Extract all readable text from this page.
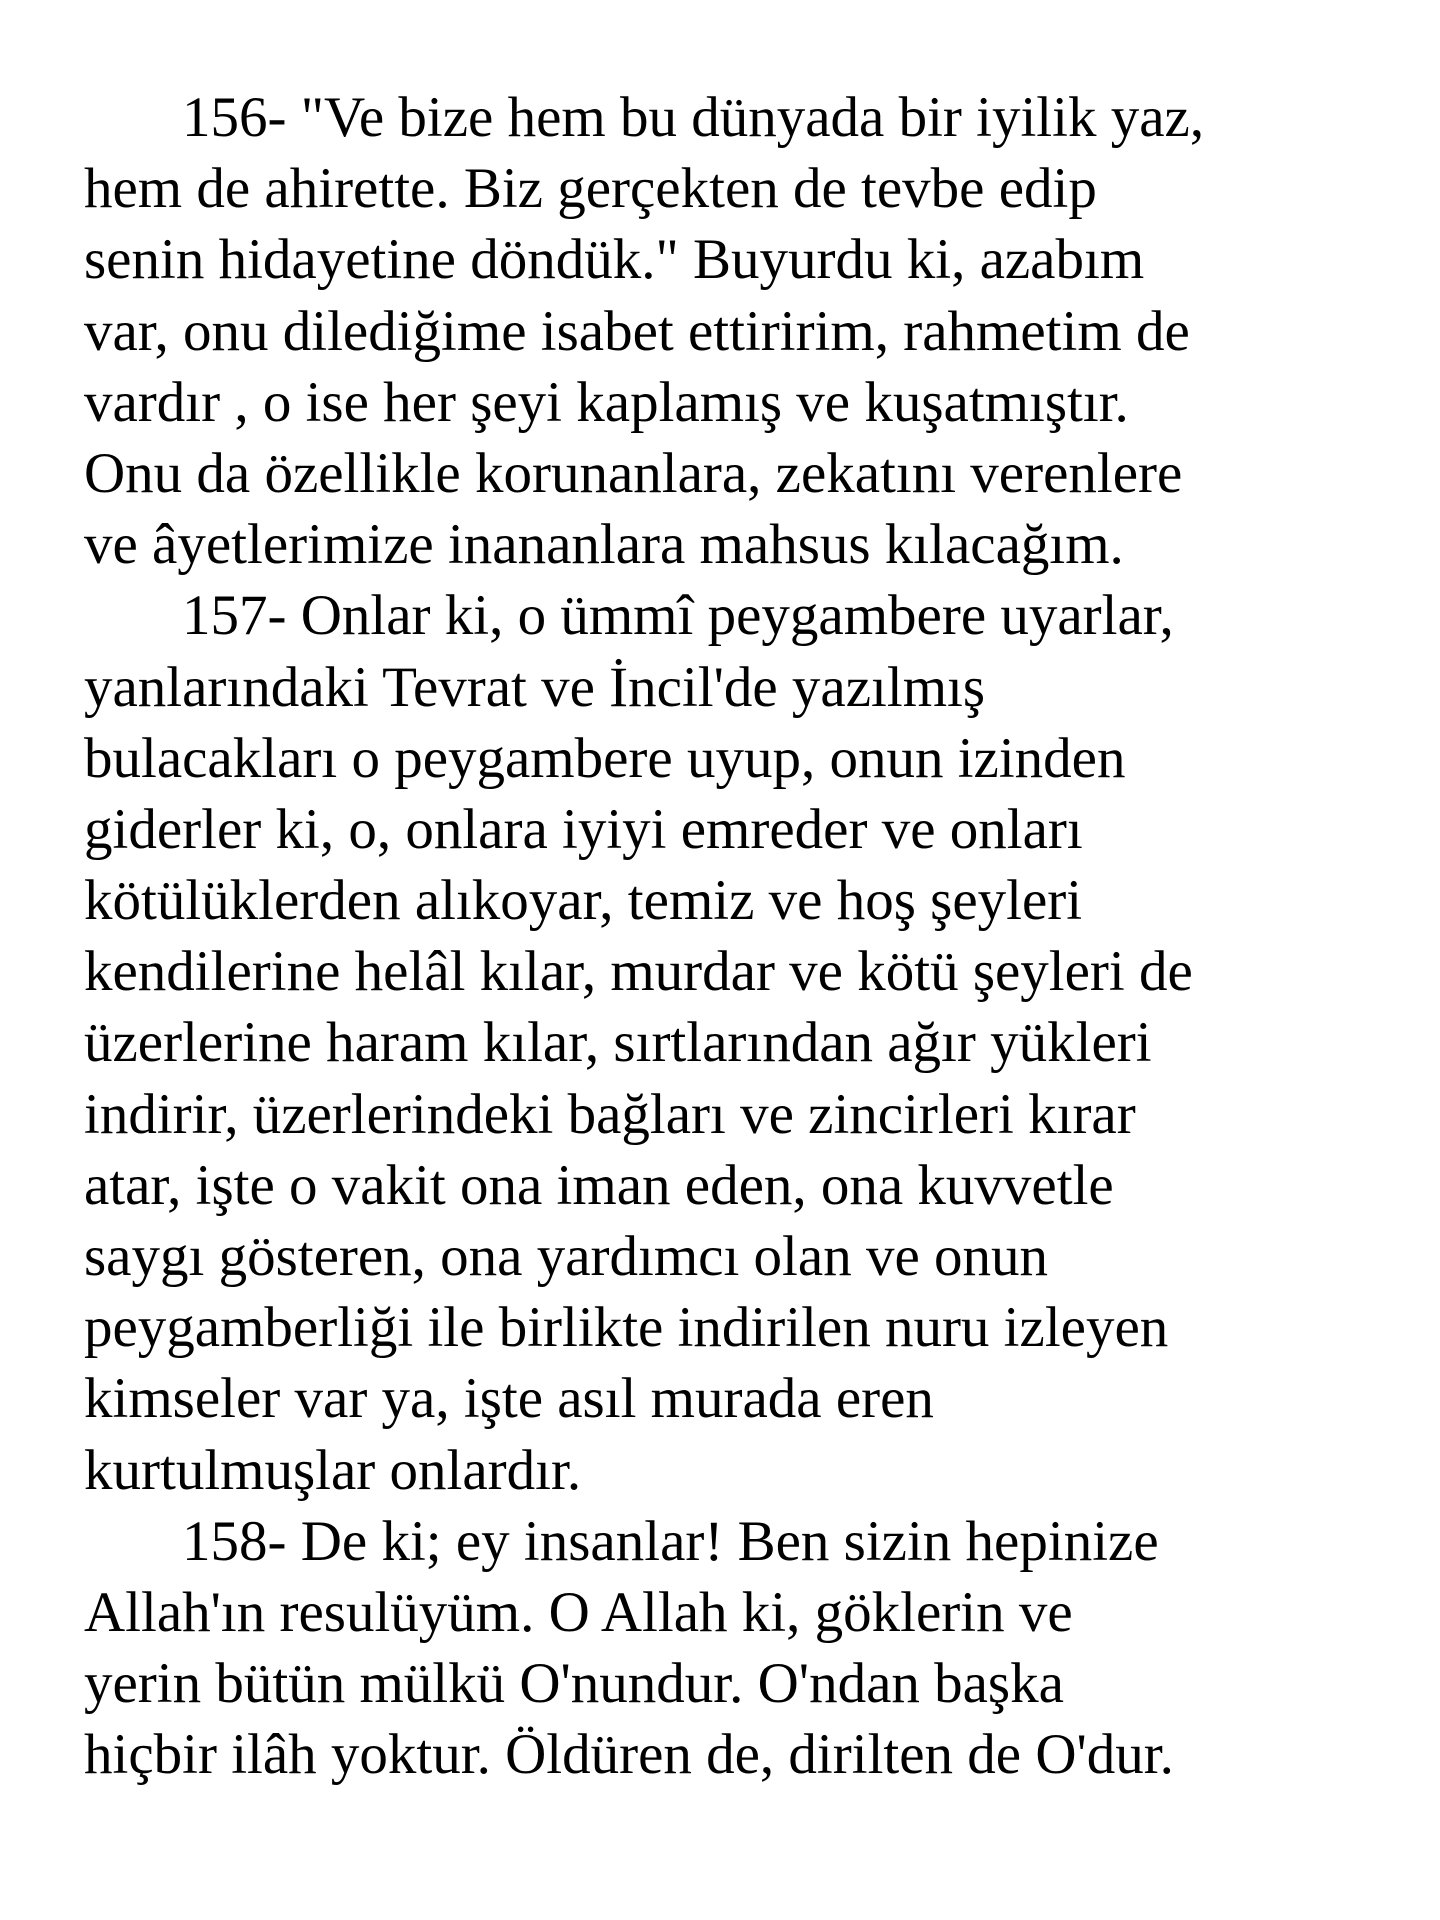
156- "Ve bize hem bu dünyada bir iyilik yaz,
hem de ahirette. Biz gerçekten de tevbe edip
senin hidayetine döndük." Buyurdu ki, azabım
var, onu dilediğime isabet ettiririm, rahmetim de
vardır , o ise her şeyi kaplamış ve kuşatmıştır.
Onu da özellikle korunanlara, zekatını verenlere
ve âyetlerimize inananlara mahsus kılacağım.
157- Onlar ki, o ümmî peygambere uyarlar,
yanlarındaki Tevrat ve İncil'de yazılmış
bulacakları o peygambere uyup, onun izinden
giderler ki, o, onlara iyiyi emreder ve onları
kötülüklerden alıkoyar, temiz ve hoş şeyleri
kendilerine helâl kılar, murdar ve kötü şeyleri de
üzerlerine haram kılar, sırtlarından ağır yükleri
indirir, üzerlerindeki bağları ve zincirleri kırar
atar, işte o vakit ona iman eden, ona kuvvetle
saygı gösteren, ona yardımcı olan ve onun
peygamberliği ile birlikte indirilen nuru izleyen
kimseler var ya, işte asıl murada eren
kurtulmuşlar onlardır.
158- De ki; ey insanlar! Ben sizin hepinize
Allah'ın resulüyüm. O Allah ki, göklerin ve
yerin bütün mülkü O'nundur. O'ndan başka
hiçbir ilâh yoktur. Öldüren de, dirilten de O'dur.
